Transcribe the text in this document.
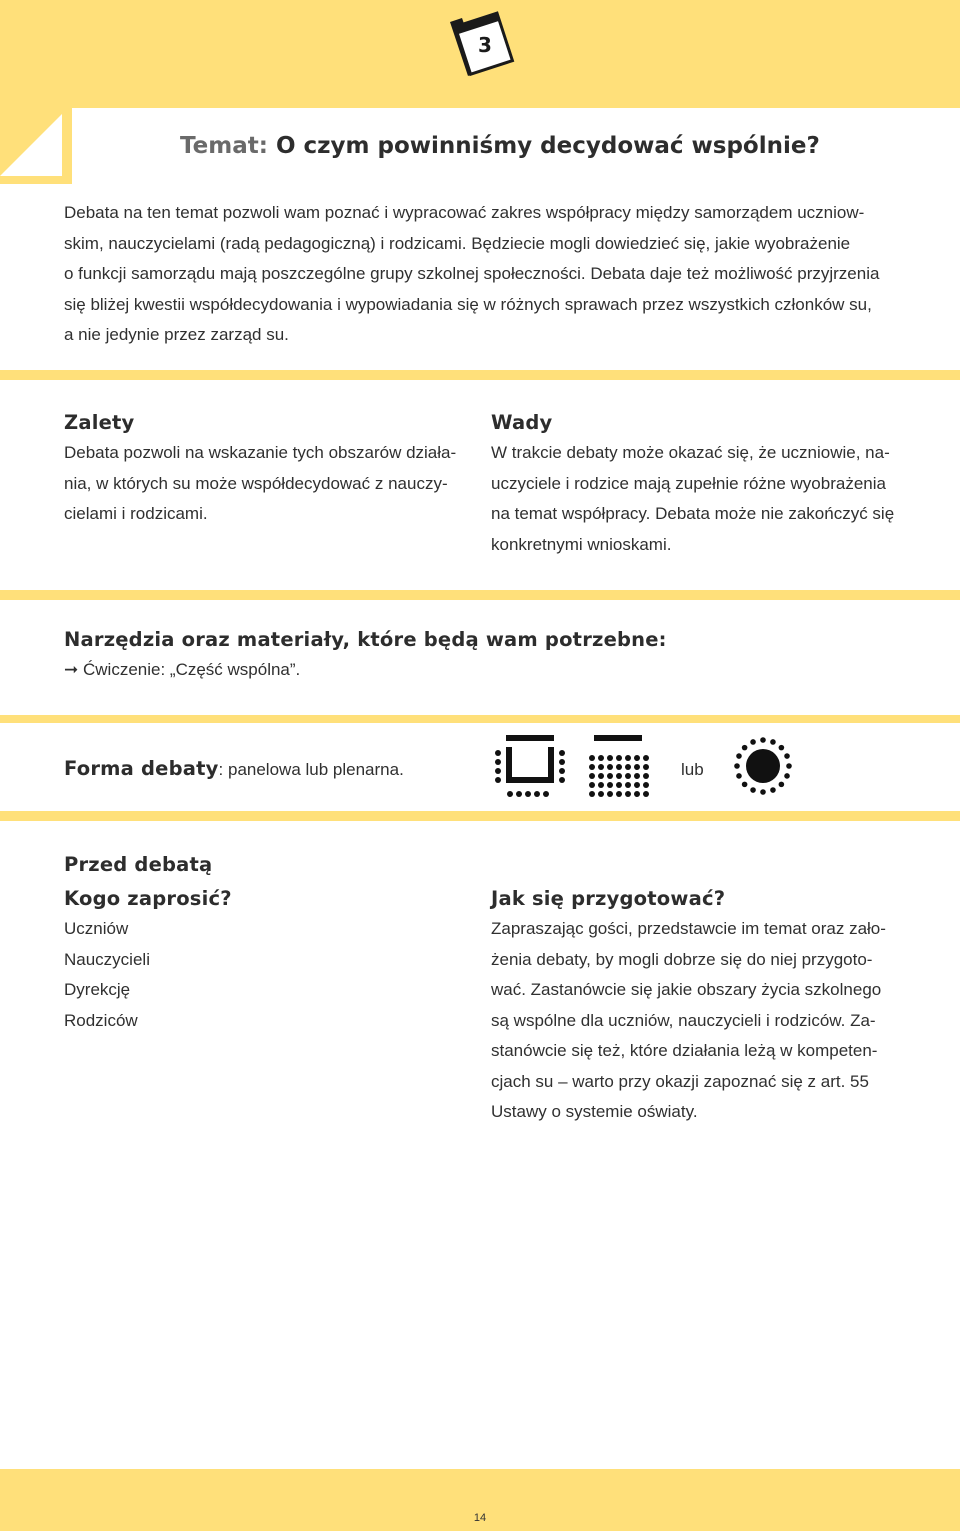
3
Temat: O czym powinniśmy decydować wspólnie?

Debata na ten temat pozwoli wam poznać i wypracować zakres współpracy między samorządem uczniow-

skim, nauczycielami (radą pedagogiczną) i rodzicami. Będziecie mogli dowiedzieć się, jakie wyobrażenie

o funkcji samorządu mają poszczególne grupy szkolnej społeczności. Debata daje też możliwość przyjrzenia

się bliżej kwestii współdecydowania i wypowiadania się w różnych sprawach przez wszystkich członków su,

a nie jedynie przez zarząd su.

Zalety

Debata pozwoli na wskazanie tych obszarów działa-

nia, w których su może współdecydować z nauczy-

cielami i rodzicami.

Wady

W trakcie debaty może okazać się, że uczniowie, na-

uczyciele i rodzice mają zupełnie różne wyobrażenia

na temat współpracy. Debata może nie zakończyć się

konkretnymi wnioskami.

Narzędzia oraz materiały, które będą wam potrzebne:

➞ Ćwiczenie: „Część wspólna”.

Forma debaty: panelowa lub plenarna.	lub
Przed debatą
Kogo zaprosić?

Uczniów

Nauczycieli

Dyrekcję

Rodziców

Jak się przygotować?

Zapraszając gości, przedstawcie im temat oraz zało-

żenia debaty, by mogli dobrze się do niej przygoto-

wać. Zastanówcie się jakie obszary życia szkolnego

są wspólne dla uczniów, nauczycieli i rodziców. Za-

stanówcie się też, które działania leżą w kompeten-

cjach su – warto przy okazji zapoznać się z art. 55

Ustawy o systemie oświaty.

14
